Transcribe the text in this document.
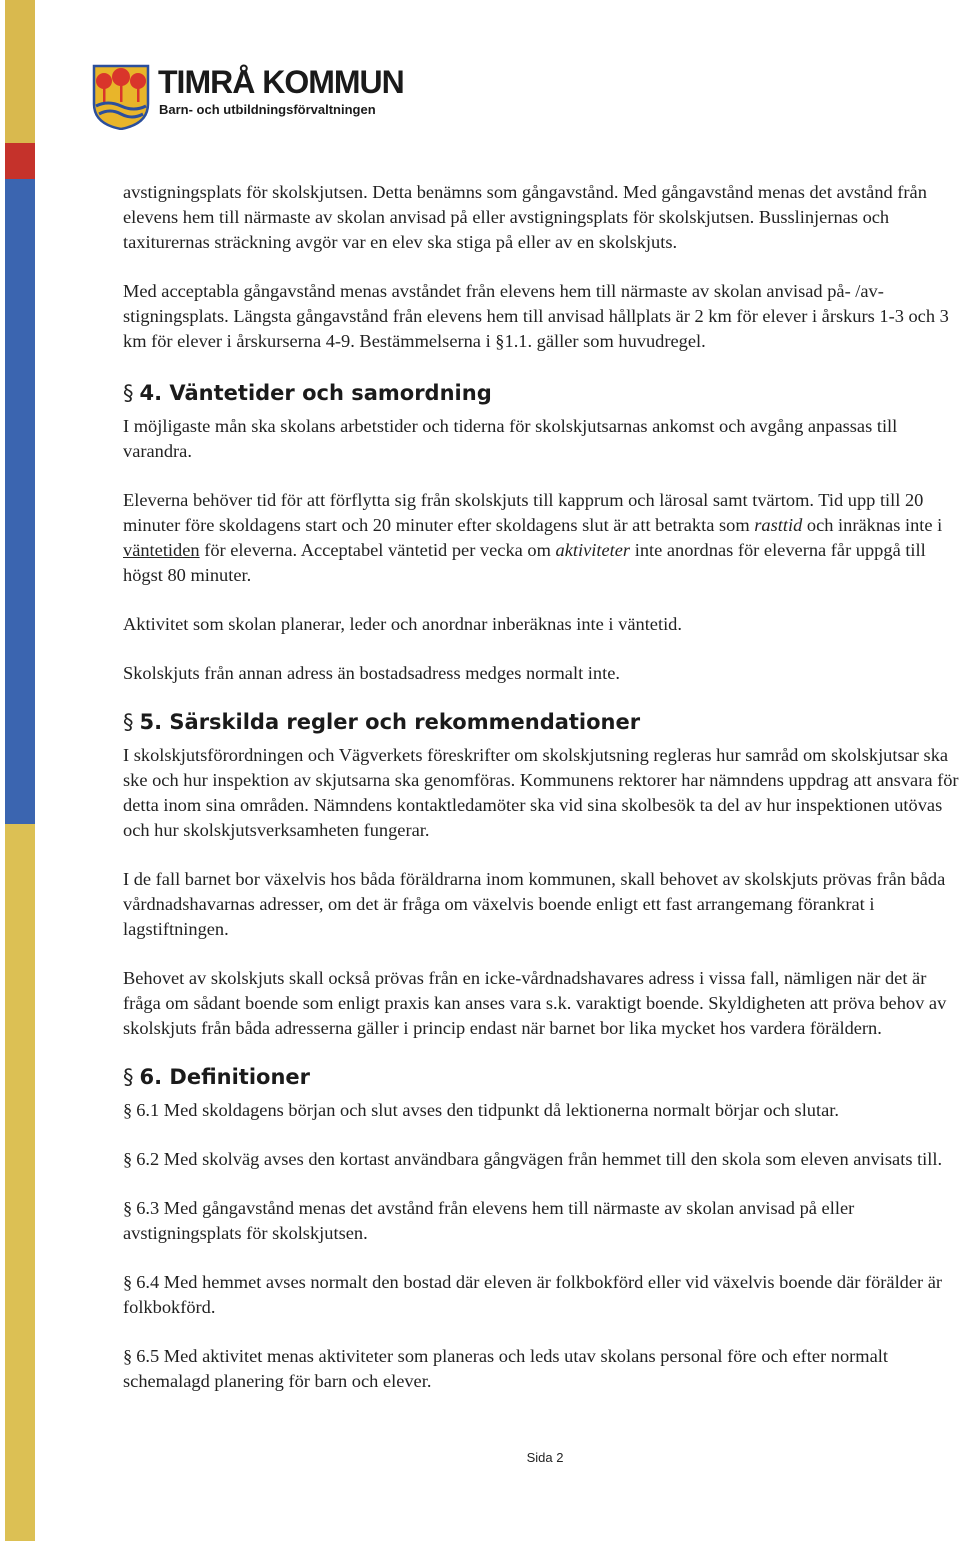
TIMRÅ KOMMUN
Barn- och utbildningsförvaltningen

avstigningsplats för skolskjutsen. Detta benämns som gångavstånd. Med gångavstånd menas det avstånd från elevens hem till närmaste av skolan anvisad på eller avstigningsplats för skolskjutsen. Busslinjernas och taxiturernas sträckning avgör var en elev ska stiga på eller av en skolskjuts.

Med acceptabla gångavstånd menas avståndet från elevens hem till närmaste av skolan anvisad på- /av- stigningsplats. Längsta gångavstånd från elevens hem till anvisad hållplats är 2 km för elever i årskurs 1-3 och 3 km för elever i årskurserna 4-9. Bestämmelserna i §1.1. gäller som huvudregel.

§ 4. Väntetider och samordning

I möjligaste mån ska skolans arbetstider och tiderna för skolskjutsarnas ankomst och avgång anpassas till varandra.

Eleverna behöver tid för att förflytta sig från skolskjuts till kapprum och lärosal samt tvärtom. Tid upp till 20 minuter före skoldagens start och 20 minuter efter skoldagens slut är att betrakta som rasttid och inräknas inte i väntetiden för eleverna. Acceptabel väntetid per vecka om aktiviteter inte anordnas för eleverna får uppgå till högst 80 minuter.

Aktivitet som skolan planerar, leder och anordnar inberäknas inte i väntetid.

Skolskjuts från annan adress än bostadsadress medges normalt inte.

§ 5. Särskilda regler och rekommendationer

I skolskjutsförordningen och Vägverkets föreskrifter om skolskjutsning regleras hur samråd om skolskjutsar ska ske och hur inspektion av skjutsarna ska genomföras. Kommunens rektorer har nämndens uppdrag att ansvara för detta inom sina områden. Nämndens kontaktledamöter ska vid sina skolbesök ta del av hur inspektionen utövas och hur skolskjutsverksamheten fungerar.

I de fall barnet bor växelvis hos båda föräldrarna inom kommunen, skall behovet av skolskjuts prövas från båda vårdnadshavarnas adresser, om det är fråga om växelvis boende enligt ett fast arrangemang förankrat i lagstiftningen.

Behovet av skolskjuts skall också prövas från en icke-vårdnadshavares adress i vissa fall, nämligen när det är fråga om sådant boende som enligt praxis kan anses vara s.k. varaktigt boende. Skyldigheten att pröva behov av skolskjuts från båda adresserna gäller i princip endast när barnet bor lika mycket hos vardera föräldern.

§ 6. Definitioner

§ 6.1 Med skoldagens början och slut avses den tidpunkt då lektionerna normalt börjar och slutar.

§ 6.2 Med skolväg avses den kortast användbara gångvägen från hemmet till den skola som eleven anvisats till.

§ 6.3 Med gångavstånd menas det avstånd från elevens hem till närmaste av skolan anvisad på eller avstigningsplats för skolskjutsen.

§ 6.4 Med hemmet avses normalt den bostad där eleven är folkbokförd eller vid växelvis boende där förälder är folkbokförd.

§ 6.5 Med aktivitet menas aktiviteter som planeras och leds utav skolans personal före och efter normalt schemalagd planering för barn och elever.

Sida 2
